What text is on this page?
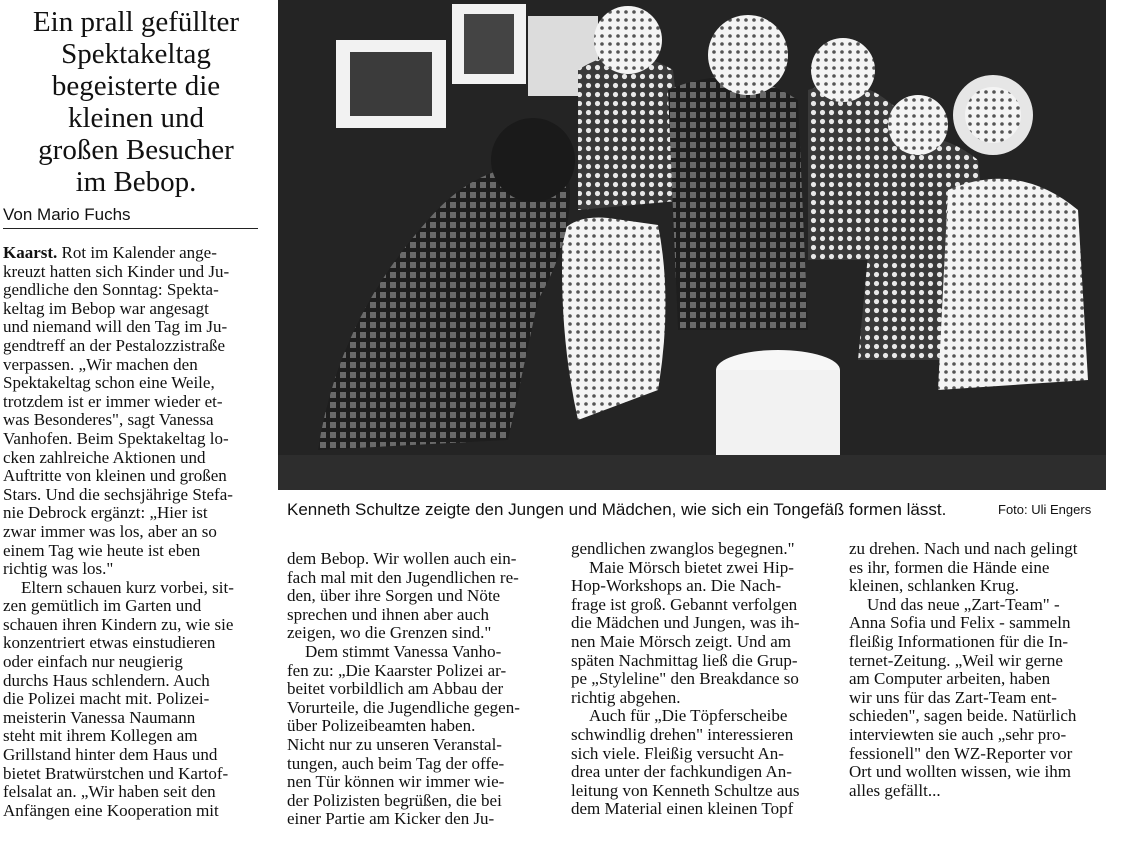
Ein prall gefüllter
Spektakeltag
begeisterte die
kleinen und
großen Besucher
im Bebop.
Von Mario Fuchs
Kenneth Schultze zeigte den Jungen und Mädchen, wie sich ein Tongefäß formen lässt.	Foto: Uli Engers

Kaarst. Rot im Kalender ange-
kreuzt hatten sich Kinder und Ju-
gendliche den Sonntag: Spekta-
keltag im Bebop war angesagt
und niemand will den Tag im Ju-
gendtreff an der Pestalozzistraße
verpassen. „Wir machen den
Spektakeltag schon eine Weile,
trotzdem ist er immer wieder et-
was Besonderes", sagt Vanessa
Vanhofen. Beim Spektakeltag lo-
cken zahlreiche Aktionen und
Auftritte von kleinen und großen
Stars. Und die sechsjährige Stefa-
nie Debrock ergänzt: „Hier ist
zwar immer was los, aber an so
einem Tag wie heute ist eben
richtig was los."

Eltern schauen kurz vorbei, sit-
zen gemütlich im Garten und
schauen ihren Kindern zu, wie sie
konzentriert etwas einstudieren
oder einfach nur neugierig
durchs Haus schlendern. Auch
die Polizei macht mit. Polizei-
meisterin Vanessa Naumann
steht mit ihrem Kollegen am
Grillstand hinter dem Haus und
bietet Bratwürstchen und Kartof-
felsalat an. „Wir haben seit den
Anfängen eine Kooperation mit

dem Bebop. Wir wollen auch ein-
fach mal mit den Jugendlichen re-
den, über ihre Sorgen und Nöte
sprechen und ihnen aber auch
zeigen, wo die Grenzen sind."

Dem stimmt Vanessa Vanho-
fen zu: „Die Kaarster Polizei ar-
beitet vorbildlich am Abbau der
Vorurteile, die Jugendliche gegen-
über Polizeibeamten haben.
Nicht nur zu unseren Veranstal-
tungen, auch beim Tag der offe-
nen Tür können wir immer wie-
der Polizisten begrüßen, die bei
einer Partie am Kicker den Ju-

gendlichen zwanglos begegnen."

Maie Mörsch bietet zwei Hip-
Hop-Workshops an. Die Nach-
frage ist groß. Gebannt verfolgen
die Mädchen und Jungen, was ih-
nen Maie Mörsch zeigt. Und am
späten Nachmittag ließ die Grup-
pe „Styleline" den Breakdance so
richtig abgehen.

Auch für „Die Töpferscheibe
schwindlig drehen" interessieren
sich viele. Fleißig versucht An-
drea unter der fachkundigen An-
leitung von Kenneth Schultze aus
dem Material einen kleinen Topf

zu drehen. Nach und nach gelingt
es ihr, formen die Hände eine
kleinen, schlanken Krug.

Und das neue „Zart-Team" -
Anna Sofia und Felix - sammeln
fleißig Informationen für die In-
ternet-Zeitung. „Weil wir gerne
am Computer arbeiten, haben
wir uns für das Zart-Team ent-
schieden", sagen beide. Natürlich
interviewten sie auch „sehr pro-
fessionell" den WZ-Reporter vor
Ort und wollten wissen, wie ihm
alles gefällt...
